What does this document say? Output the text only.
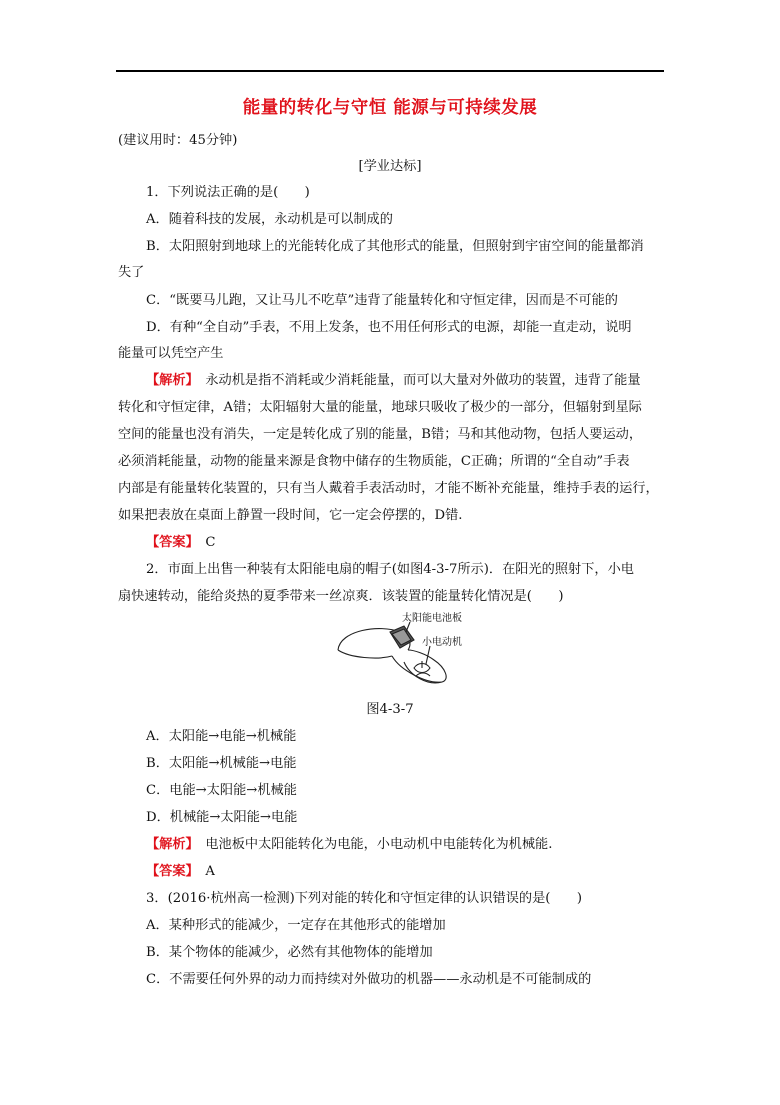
能量的转化与守恒 能源与可持续发展
(建议用时：45分钟)
[学业达标]
1．下列说法正确的是(　　)
A．随着科技的发展，永动机是可以制成的
B．太阳照射到地球上的光能转化成了其他形式的能量，但照射到宇宙空间的能量都消
失了
C．“既要马儿跑，又让马儿不吃草”违背了能量转化和守恒定律，因而是不可能的
D．有种“全自动”手表，不用上发条，也不用任何形式的电源，却能一直走动，说明
能量可以凭空产生
【解析】  永动机是指不消耗或少消耗能量，而可以大量对外做功的装置，违背了能量
转化和守恒定律，A错；太阳辐射大量的能量，地球只吸收了极少的一部分，但辐射到星际
空间的能量也没有消失，一定是转化成了别的能量，B错；马和其他动物，包括人要运动，
必须消耗能量，动物的能量来源是食物中储存的生物质能，C正确；所谓的“全自动”手表
内部是有能量转化装置的，只有当人戴着手表活动时，才能不断补充能量，维持手表的运行，
如果把表放在桌面上静置一段时间，它一定会停摆的，D错.
【答案】  C
2．市面上出售一种装有太阳能电扇的帽子(如图4-3-7所示)．在阳光的照射下，小电
扇快速转动，能给炎热的夏季带来一丝凉爽．该装置的能量转化情况是(　　)
太阳能电池板
小电动机
图4-3-7
A．太阳能→电能→机械能
B．太阳能→机械能→电能
C．电能→太阳能→机械能
D．机械能→太阳能→电能
【解析】  电池板中太阳能转化为电能，小电动机中电能转化为机械能.
【答案】  A
3．(2016·杭州高一检测)下列对能的转化和守恒定律的认识错误的是(　　)
A．某种形式的能减少，一定存在其他形式的能增加
B．某个物体的能减少，必然有其他物体的能增加
C．不需要任何外界的动力而持续对外做功的机器——永动机是不可能制成的
